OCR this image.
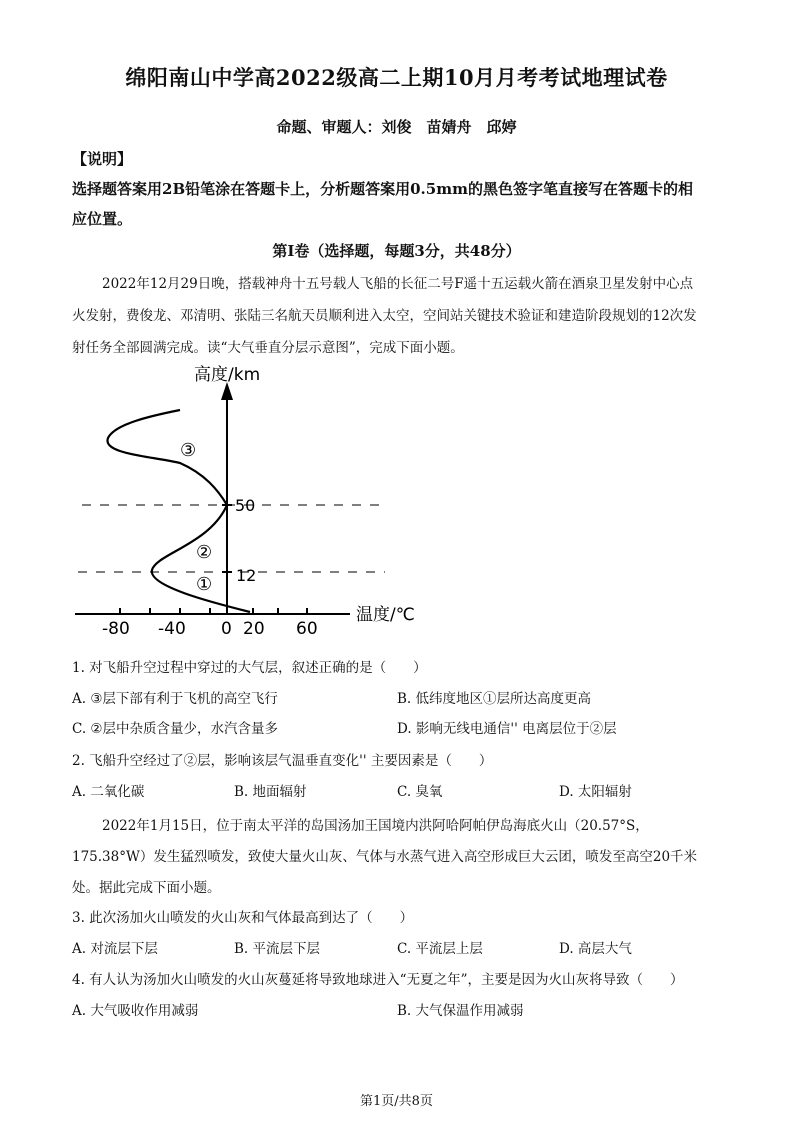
绵阳南山中学高2022级高二上期10月月考考试地理试卷
命题、审题人：刘俊　苗婧舟　邱婷
【说明】
选择题答案用2B铅笔涂在答题卡上，分析题答案用0.5mm的黑色签字笔直接写在答题卡的相
应位置。
第Ⅰ卷（选择题，每题3分，共48分）
2022年12月29日晚，搭载神舟十五号载人飞船的长征二号F遥十五运载火箭在酒泉卫星发射中心点
火发射，费俊龙、邓清明、张陆三名航天员顺利进入太空，空间站关键技术验证和建造阶段规划的12次发
射任务全部圆满完成。读“大气垂直分层示意图”，完成下面小题。
高度/km
温度/℃
50
12
③
②
①
-80 -40 0 20 60
1. 对飞船升空过程中穿过的大气层，叙述正确的是（　　）
A. ③层下部有利于飞机的高空飞行	B. 低纬度地区①层所达高度更高
C. ②层中杂质含量少，水汽含量多	D. 影响无线电通信'' 电离层位于②层
2. 飞船升空经过了②层，影响该层气温垂直变化'' 主要因素是（　　）
A. 二氧化碳	B. 地面辐射	C. 臭氧	D. 太阳辐射
2022年1月15日，位于南太平洋的岛国汤加王国境内洪阿哈阿帕伊岛海底火山（20.57°S，
175.38°W）发生猛烈喷发，致使大量火山灰、气体与水蒸气进入高空形成巨大云团，喷发至高空20千米
处。据此完成下面小题。
3. 此次汤加火山喷发的火山灰和气体最高到达了（　　）
A. 对流层下层	B. 平流层下层	C. 平流层上层	D. 高层大气
4. 有人认为汤加火山喷发的火山灰蔓延将导致地球进入“无夏之年”，主要是因为火山灰将导致（　　）
A. 大气吸收作用减弱	B. 大气保温作用减弱
第1页/共8页
